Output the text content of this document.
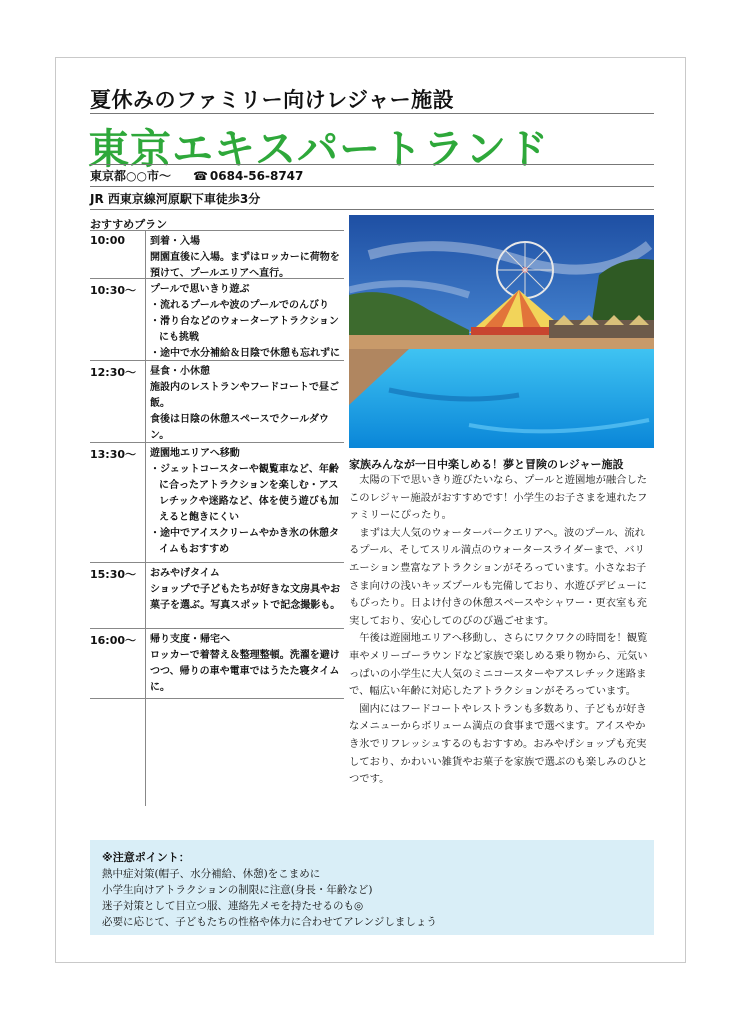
夏休みのファミリー向けレジャー施設
東京エキスパートランド
東京都○○市～ ☎ 0684-56-8747
JR 西東京線河原駅下車徒歩3分
おすすめプラン
10:00 到着・入場
開園直後に入場。まずはロッカーに荷物を預けて、プールエリアへ直行。
10:30～ プールで思いきり遊ぶ
・流れるプールや波のプールでのんびり
・滑り台などのウォーターアトラクションにも挑戦
・途中で水分補給＆日陰で休憩も忘れずに
12:30～ 昼食・小休憩
施設内のレストランやフードコートで昼ご飯。
食後は日陰の休憩スペースでクールダウン。
13:30～ 遊園地エリアへ移動
・ジェットコースターや観覧車など、年齢に合ったアトラクションを楽しむ・アスレチックや迷路など、体を使う遊びも加えると飽きにくい
・途中でアイスクリームやかき氷の休憩タイムもおすすめ
15:30～ おみやげタイム
ショップで子どもたちが好きな文房具やお菓子を選ぶ。写真スポットで記念撮影も。
16:00～ 帰り支度・帰宅へ
ロッカーで着替え＆整理整頓。洗濯を避けつつ、帰りの車や電車ではうたた寝タイムに。
家族みんなが一日中楽しめる！夢と冒険のレジャー施設

太陽の下で思いきり遊びたいなら、プールと遊園地が融合したこのレジャー施設がおすすめです！小学生のお子さまを連れたファミリーにぴったり。

まずは大人気のウォーターパークエリアへ。波のプール、流れるプール、そしてスリル満点のウォータースライダーまで、バリエーション豊富なアトラクションがそろっています。小さなお子さま向けの浅いキッズプールも完備しており、水遊びデビューにもぴったり。日よけ付きの休憩スペースやシャワー・更衣室も充実しており、安心してのびのび過ごせます。

午後は遊園地エリアへ移動し、さらにワクワクの時間を！観覧車やメリーゴーラウンドなど家族で楽しめる乗り物から、元気いっぱいの小学生に大人気のミニコースターやアスレチック迷路まで、幅広い年齢に対応したアトラクションがそろっています。

園内にはフードコートやレストランも多数あり、子どもが好きなメニューからボリューム満点の食事まで選べます。アイスやかき氷でリフレッシュするのもおすすめ。おみやげショップも充実しており、かわいい雑貨やお菓子を家族で選ぶのも楽しみのひとつです。

※注意ポイント：
熱中症対策(帽子、水分補給、休憩)をこまめに
小学生向けアトラクションの制限に注意(身長・年齢など)
迷子対策として目立つ服、連絡先メモを持たせるのも◎
必要に応じて、子どもたちの性格や体力に合わせてアレンジしましょう
